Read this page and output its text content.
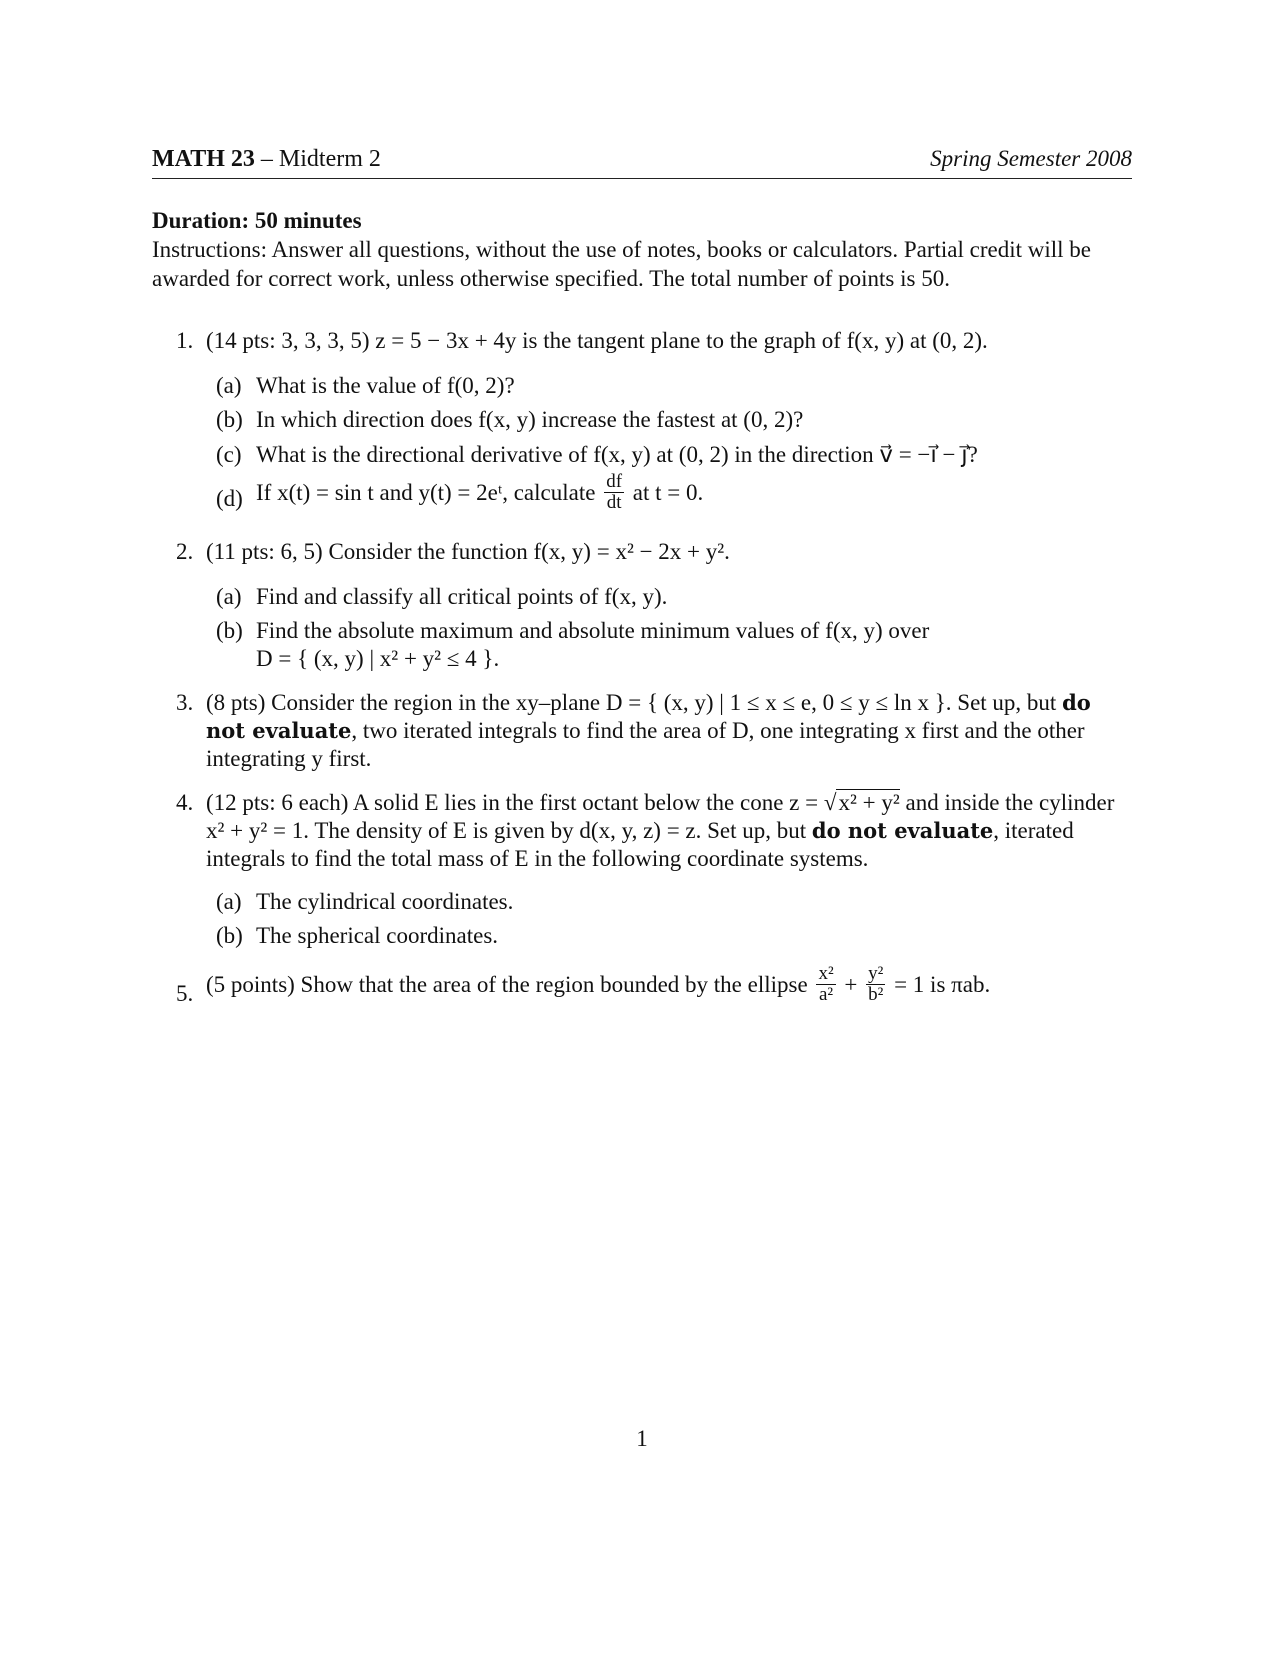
MATH 23 – Midterm 2	Spring Semester 2008
Duration: 50 minutes
Instructions: Answer all questions, without the use of notes, books or calculators. Partial credit will be awarded for correct work, unless otherwise specified. The total number of points is 50.
1. (14 pts: 3, 3, 3, 5) z = 5 − 3x + 4y is the tangent plane to the graph of f(x, y) at (0, 2).
(a) What is the value of f(0, 2)?
(b) In which direction does f(x, y) increase the fastest at (0, 2)?
(c) What is the directional derivative of f(x, y) at (0, 2) in the direction v⃗ = −i⃗ − j⃗?
(d) If x(t) = sin t and y(t) = 2eᵗ, calculate $\frac{df}{dt}$ at t = 0.
2. (11 pts: 6, 5) Consider the function f(x, y) = x² − 2x + y².
(a) Find and classify all critical points of f(x, y).
(b) Find the absolute maximum and absolute minimum values of f(x, y) over
D = { (x, y) | x² + y² ≤ 4 }.
3. (8 pts) Consider the region in the xy–plane D = { (x, y) | 1 ≤ x ≤ e, 0 ≤ y ≤ ln x }. Set up, but do not evaluate, two iterated integrals to find the area of D, one integrating x first and the other integrating y first.
4. (12 pts: 6 each) A solid E lies in the first octant below the cone z = √x² + y² and inside the cylinder x² + y² = 1. The density of E is given by d(x, y, z) = z. Set up, but do not evaluate, iterated integrals to find the total mass of E in the following coordinate systems.
(a) The cylindrical coordinates.
(b) The spherical coordinates.
5. (5 points) Show that the area of the region bounded by the ellipse $\frac{\text{x²}}{\text{a²}} + \frac{\text{y²}}{\text{b²}} = 1$ is πab.
1
